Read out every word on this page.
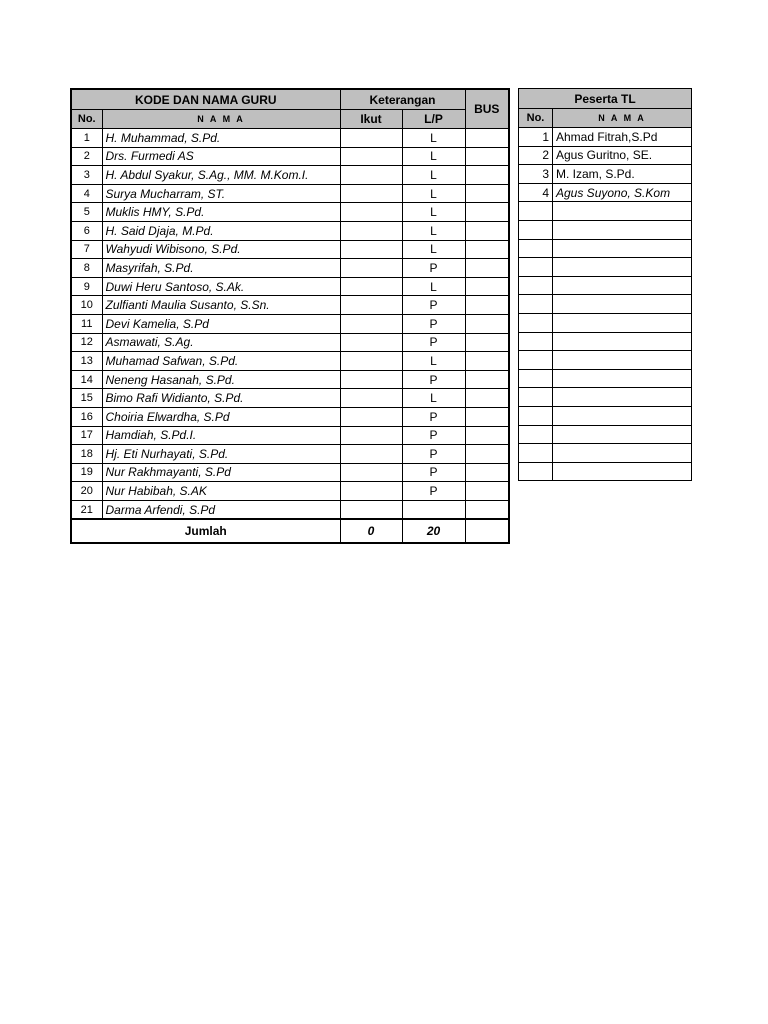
KODE DAN NAMA GURU		Keterangan		BUS
No.	N A M A	Ikut	L/P	
1	H. Muhammad, S.Pd.		L	
2	Drs. Furmedi AS		L	
3	H. Abdul Syakur, S.Ag., MM. M.Kom.I.		L	
4	Surya Mucharram, ST.		L	
5	Muklis HMY, S.Pd.		L	
6	H. Said Djaja, M.Pd.		L	
7	Wahyudi Wibisono, S.Pd.		L	
8	Masyrifah, S.Pd.		P	
9	Duwi Heru Santoso, S.Ak.		L	
10	Zulfianti Maulia Susanto, S.Sn.		P	
11	Devi Kamelia, S.Pd		P	
12	Asmawati, S.Ag.		P	
13	Muhamad Safwan, S.Pd.		L	
14	Neneng Hasanah, S.Pd.		P	
15	Bimo Rafi Widianto, S.Pd.		L	
16	Choiria Elwardha, S.Pd		P	
17	Hamdiah, S.Pd.I.		P	
18	Hj. Eti Nurhayati, S.Pd.		P	
19	Nur Rakhmayanti, S.Pd		P	
20	Nur Habibah, S.AK		P	
21	Darma Arfendi, S.Pd			
Jumlah		0	20	
Peserta TL	
No.	N A M A
1	Ahmad Fitrah,S.Pd
2	Agus Guritno, SE.
3	M. Izam, S.Pd.
4	Agus Suyono, S.Kom
